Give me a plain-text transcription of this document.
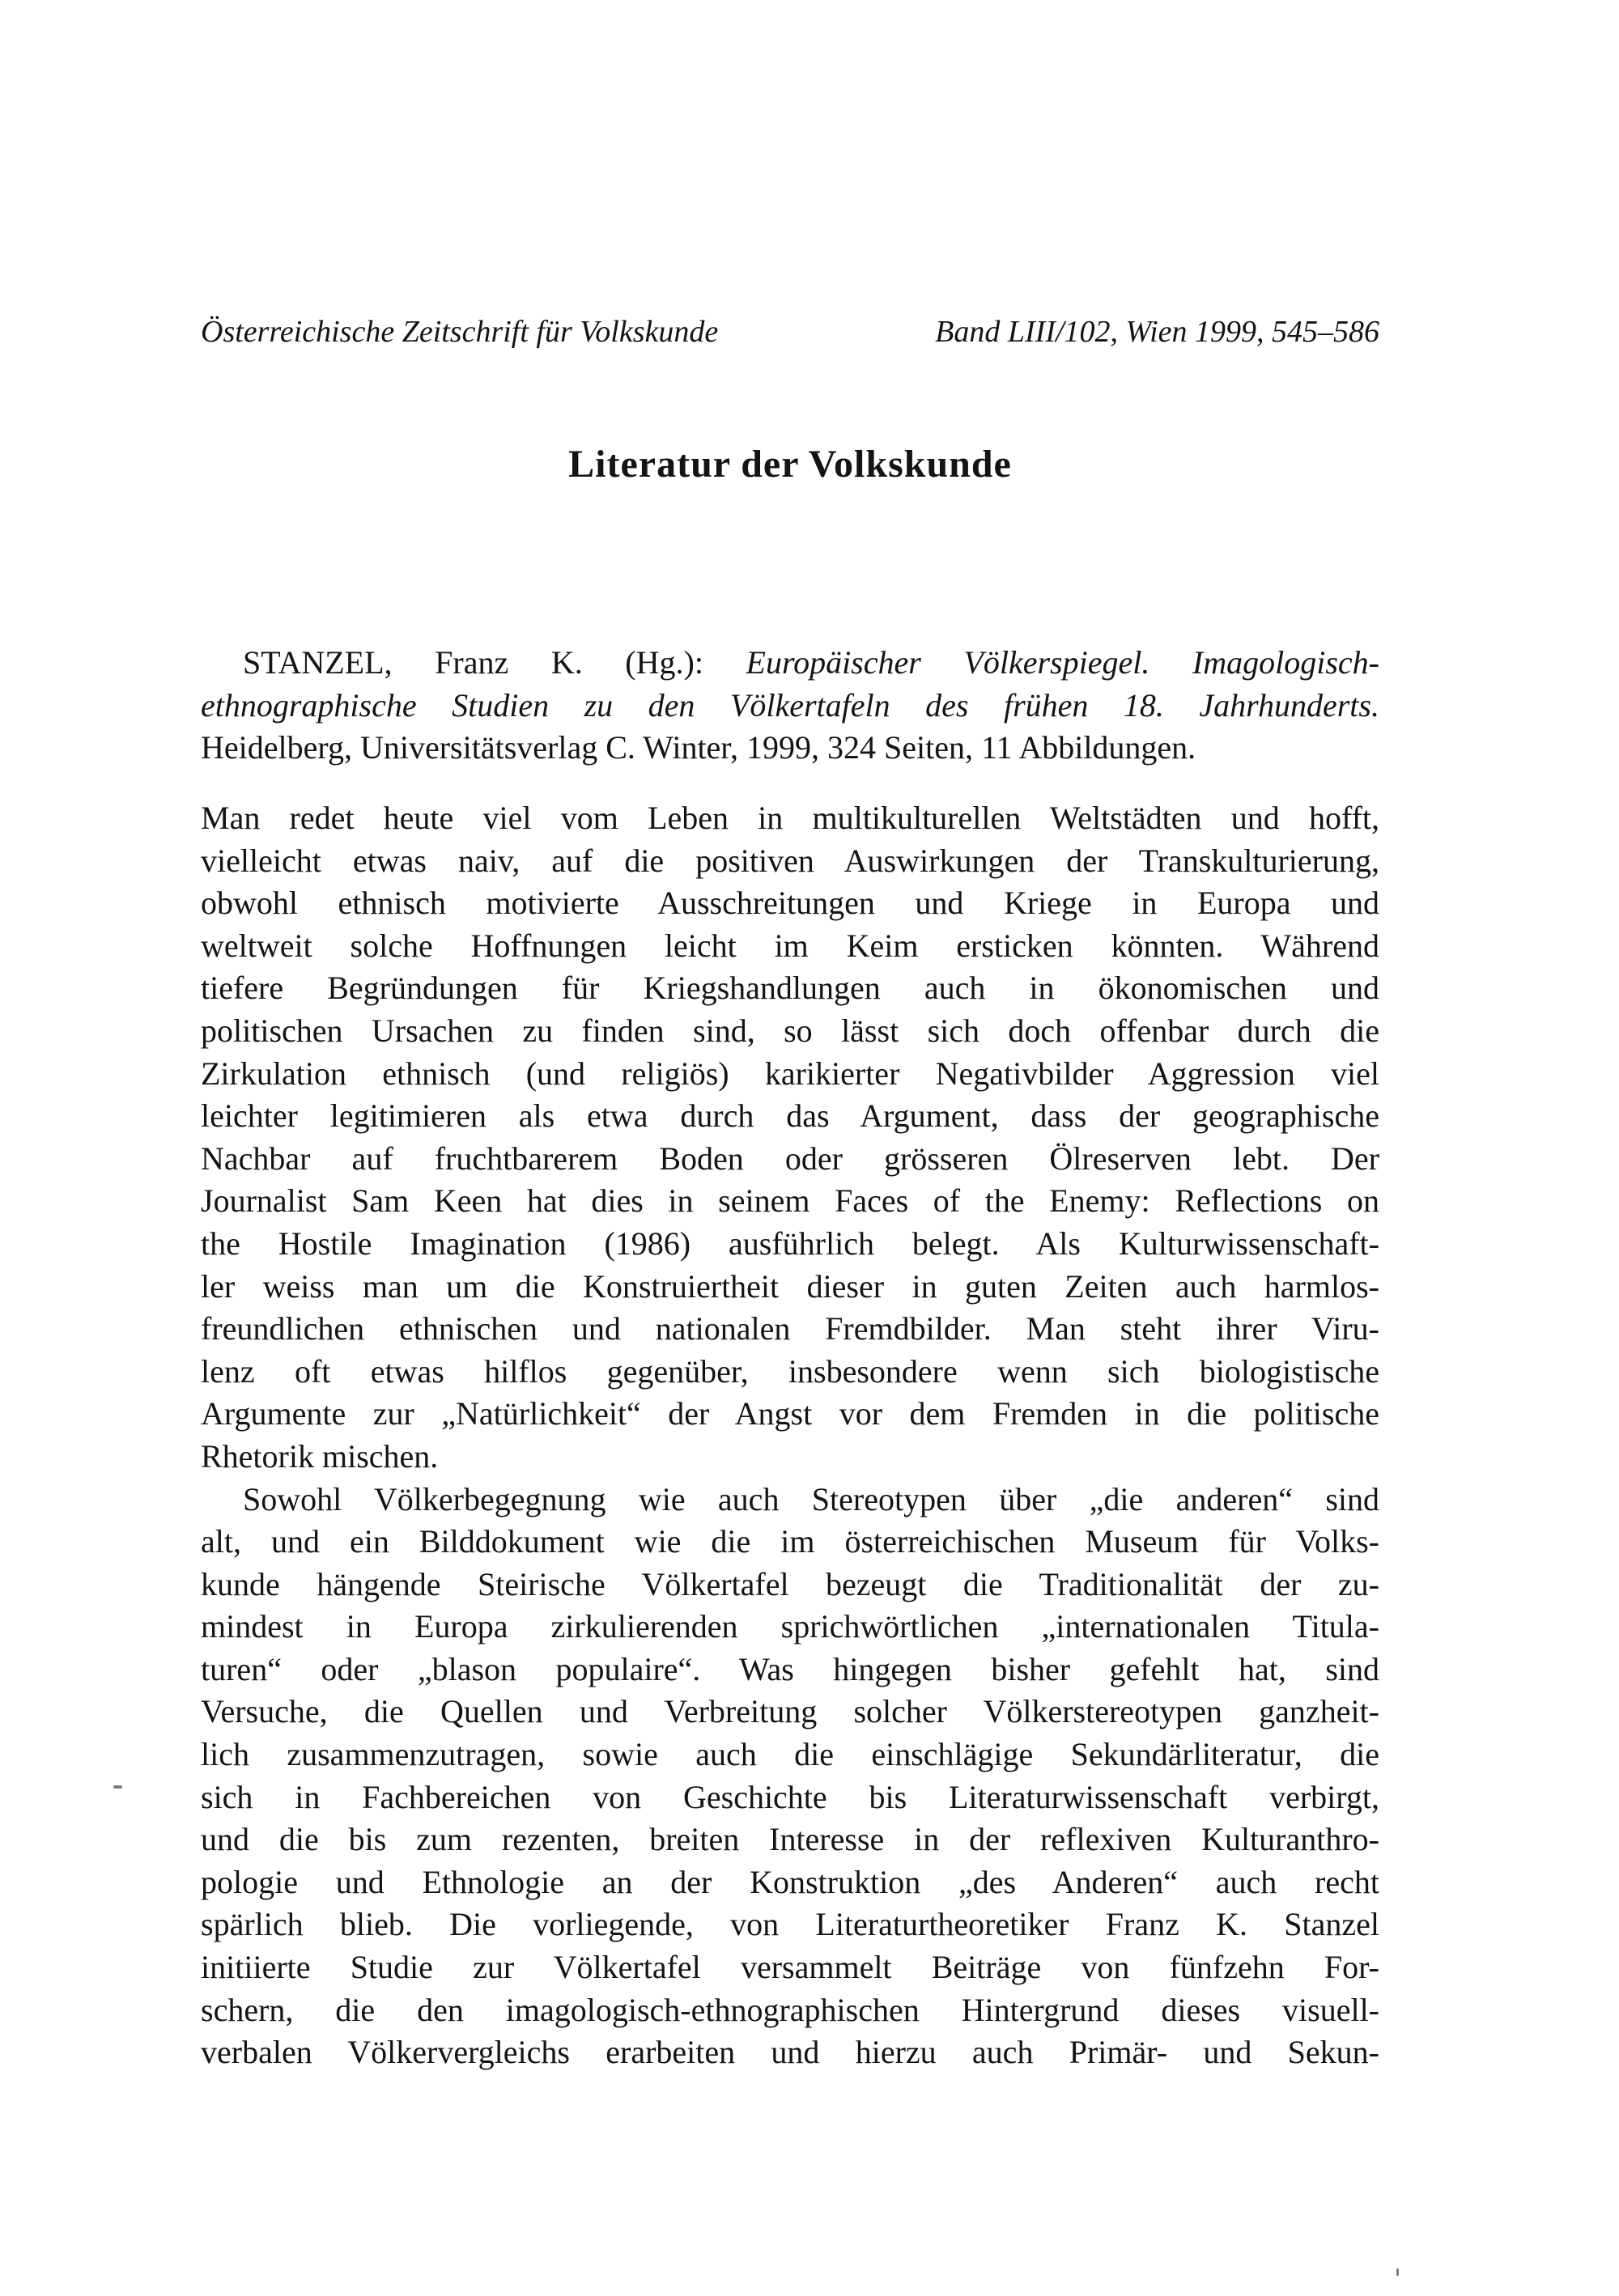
Österreichische Zeitschrift für Volkskunde	Band LIII/102, Wien 1999, 545–586
Literatur der Volkskunde
STANZEL, Franz K. (Hg.): Europäischer Völkerspiegel. Imagologisch-
ethnographische Studien zu den Völkertafeln des frühen 18. Jahrhunderts.
Heidelberg, Universitätsverlag C. Winter, 1999, 324 Seiten, 11 Abbildungen.
Man redet heute viel vom Leben in multikulturellen Weltstädten und hofft,
vielleicht etwas naiv, auf die positiven Auswirkungen der Transkulturierung,
obwohl ethnisch motivierte Ausschreitungen und Kriege in Europa und
weltweit solche Hoffnungen leicht im Keim ersticken könnten. Während
tiefere Begründungen für Kriegshandlungen auch in ökonomischen und
politischen Ursachen zu finden sind, so lässt sich doch offenbar durch die
Zirkulation ethnisch (und religiös) karikierter Negativbilder Aggression viel
leichter legitimieren als etwa durch das Argument, dass der geographische
Nachbar auf fruchtbarerem Boden oder grösseren Ölreserven lebt. Der
Journalist Sam Keen hat dies in seinem Faces of the Enemy: Reflections on
the Hostile Imagination (1986) ausführlich belegt. Als Kulturwissenschaft-
ler weiss man um die Konstruiertheit dieser in guten Zeiten auch harmlos-
freundlichen ethnischen und nationalen Fremdbilder. Man steht ihrer Viru-
lenz oft etwas hilflos gegenüber, insbesondere wenn sich biologistische
Argumente zur „Natürlichkeit“ der Angst vor dem Fremden in die politische
Rhetorik mischen.
Sowohl Völkerbegegnung wie auch Stereotypen über „die anderen“ sind
alt, und ein Bilddokument wie die im österreichischen Museum für Volks-
kunde hängende Steirische Völkertafel bezeugt die Traditionalität der zu-
mindest in Europa zirkulierenden sprichwörtlichen „internationalen Titula-
turen“ oder „blason populaire“. Was hingegen bisher gefehlt hat, sind
Versuche, die Quellen und Verbreitung solcher Völkerstereotypen ganzheit-
lich zusammenzutragen, sowie auch die einschlägige Sekundärliteratur, die
sich in Fachbereichen von Geschichte bis Literaturwissenschaft verbirgt,
und die bis zum rezenten, breiten Interesse in der reflexiven Kulturanthro-
pologie und Ethnologie an der Konstruktion „des Anderen“ auch recht
spärlich blieb. Die vorliegende, von Literaturtheoretiker Franz K. Stanzel
initiierte Studie zur Völkertafel versammelt Beiträge von fünfzehn For-
schern, die den imagologisch-ethnographischen Hintergrund dieses visuell-
verbalen Völkervergleichs erarbeiten und hierzu auch Primär- und Sekun-
